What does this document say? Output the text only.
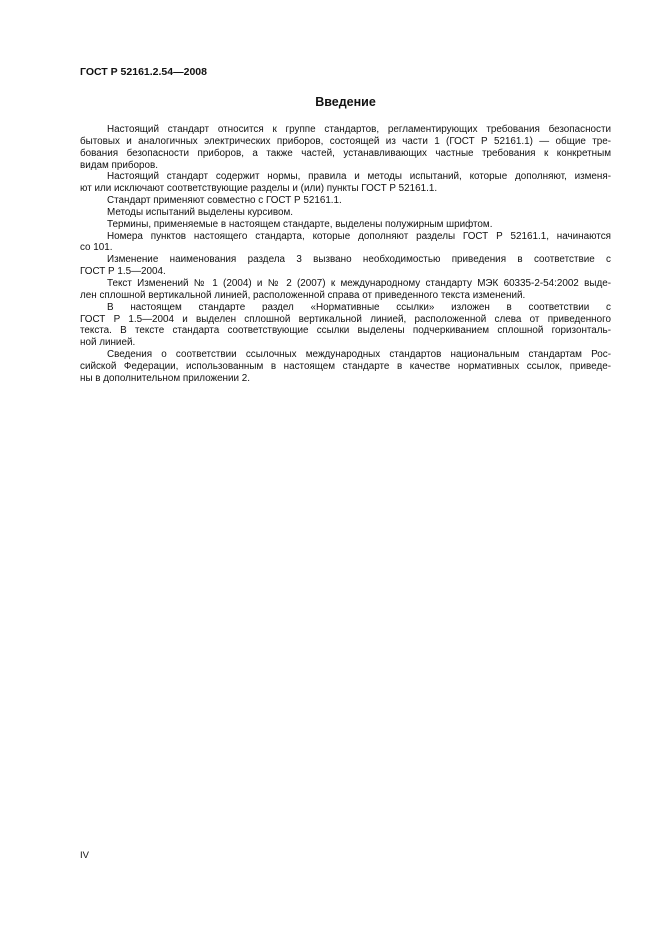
ГОСТ Р 52161.2.54—2008
Введение
Настоящий стандарт относится к группе стандартов, регламентирующих требования безопасности
бытовых и аналогичных электрических приборов, состоящей из части 1 (ГОСТ Р 52161.1) — общие тре-
бования безопасности приборов, а также частей, устанавливающих частные требования к конкретным
видам приборов.
Настоящий стандарт содержит нормы, правила и методы испытаний, которые дополняют, изменя-
ют или исключают соответствующие разделы и (или) пункты ГОСТ Р 52161.1.
Стандарт применяют совместно с ГОСТ Р 52161.1.
Методы испытаний выделены курсивом.
Термины, применяемые в настоящем стандарте, выделены полужирным шрифтом.
Номера пунктов настоящего стандарта, которые дополняют разделы ГОСТ Р 52161.1, начинаются
со 101.
Изменение наименования раздела 3 вызвано необходимостью приведения в соответствие с
ГОСТ Р 1.5—2004.
Текст Изменений № 1 (2004) и № 2 (2007) к международному стандарту МЭК 60335-2-54:2002 выде-
лен сплошной вертикальной линией, расположенной справа от приведенного текста изменений.
В настоящем стандарте раздел «Нормативные ссылки» изложен в соответствии с
ГОСТ Р 1.5—2004 и выделен сплошной вертикальной линией, расположенной слева от приведенного
текста. В тексте стандарта соответствующие ссылки выделены подчеркиванием сплошной горизонталь-
ной линией.
Сведения о соответствии ссылочных международных стандартов национальным стандартам Рос-
сийской Федерации, использованным в настоящем стандарте в качестве нормативных ссылок, приведе-
ны в дополнительном приложении 2.
IV
